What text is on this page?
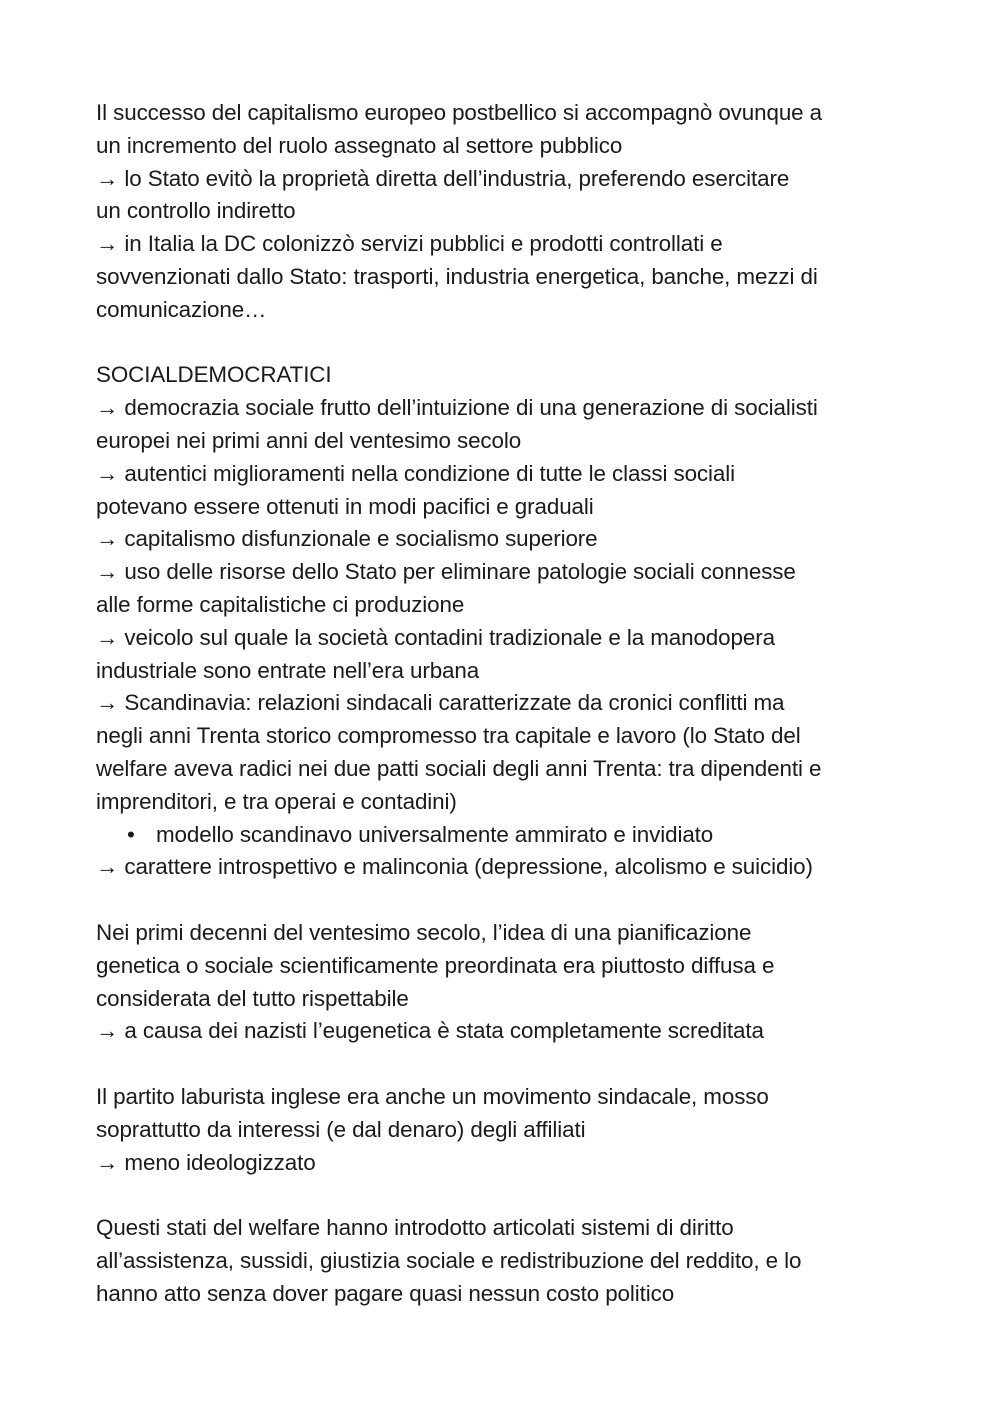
Il successo del capitalismo europeo postbellico si accompagnò ovunque a
un incremento del ruolo assegnato al settore pubblico
→ lo Stato evitò la proprietà diretta dell’industria, preferendo esercitare
un controllo indiretto
→ in Italia la DC colonizzò servizi pubblici e prodotti controllati e
sovvenzionati dallo Stato: trasporti, industria energetica, banche, mezzi di
comunicazione…
SOCIALDEMOCRATICI
→ democrazia sociale frutto dell’intuizione di una generazione di socialisti
europei nei primi anni del ventesimo secolo
→ autentici miglioramenti nella condizione di tutte le classi sociali
potevano essere ottenuti in modi pacifici e graduali
→ capitalismo disfunzionale e socialismo superiore
→ uso delle risorse dello Stato per eliminare patologie sociali connesse
alle forme capitalistiche ci produzione
→ veicolo sul quale la società contadini tradizionale e la manodopera
industriale sono entrate nell’era urbana
→ Scandinavia: relazioni sindacali caratterizzate da cronici conflitti ma
negli anni Trenta storico compromesso tra capitale e lavoro (lo Stato del
welfare aveva radici nei due patti sociali degli anni Trenta: tra dipendenti e
imprenditori, e tra operai e contadini)
• modello scandinavo universalmente ammirato e invidiato
→ carattere introspettivo e malinconia (depressione, alcolismo e suicidio)
Nei primi decenni del ventesimo secolo, l’idea di una pianificazione
genetica o sociale scientificamente preordinata era piuttosto diffusa e
considerata del tutto rispettabile
→ a causa dei nazisti l’eugenetica è stata completamente screditata
Il partito laburista inglese era anche un movimento sindacale, mosso
soprattutto da interessi (e dal denaro) degli affiliati
→ meno ideologizzato
Questi stati del welfare hanno introdotto articolati sistemi di diritto
all’assistenza, sussidi, giustizia sociale e redistribuzione del reddito, e lo
hanno atto senza dover pagare quasi nessun costo politico
